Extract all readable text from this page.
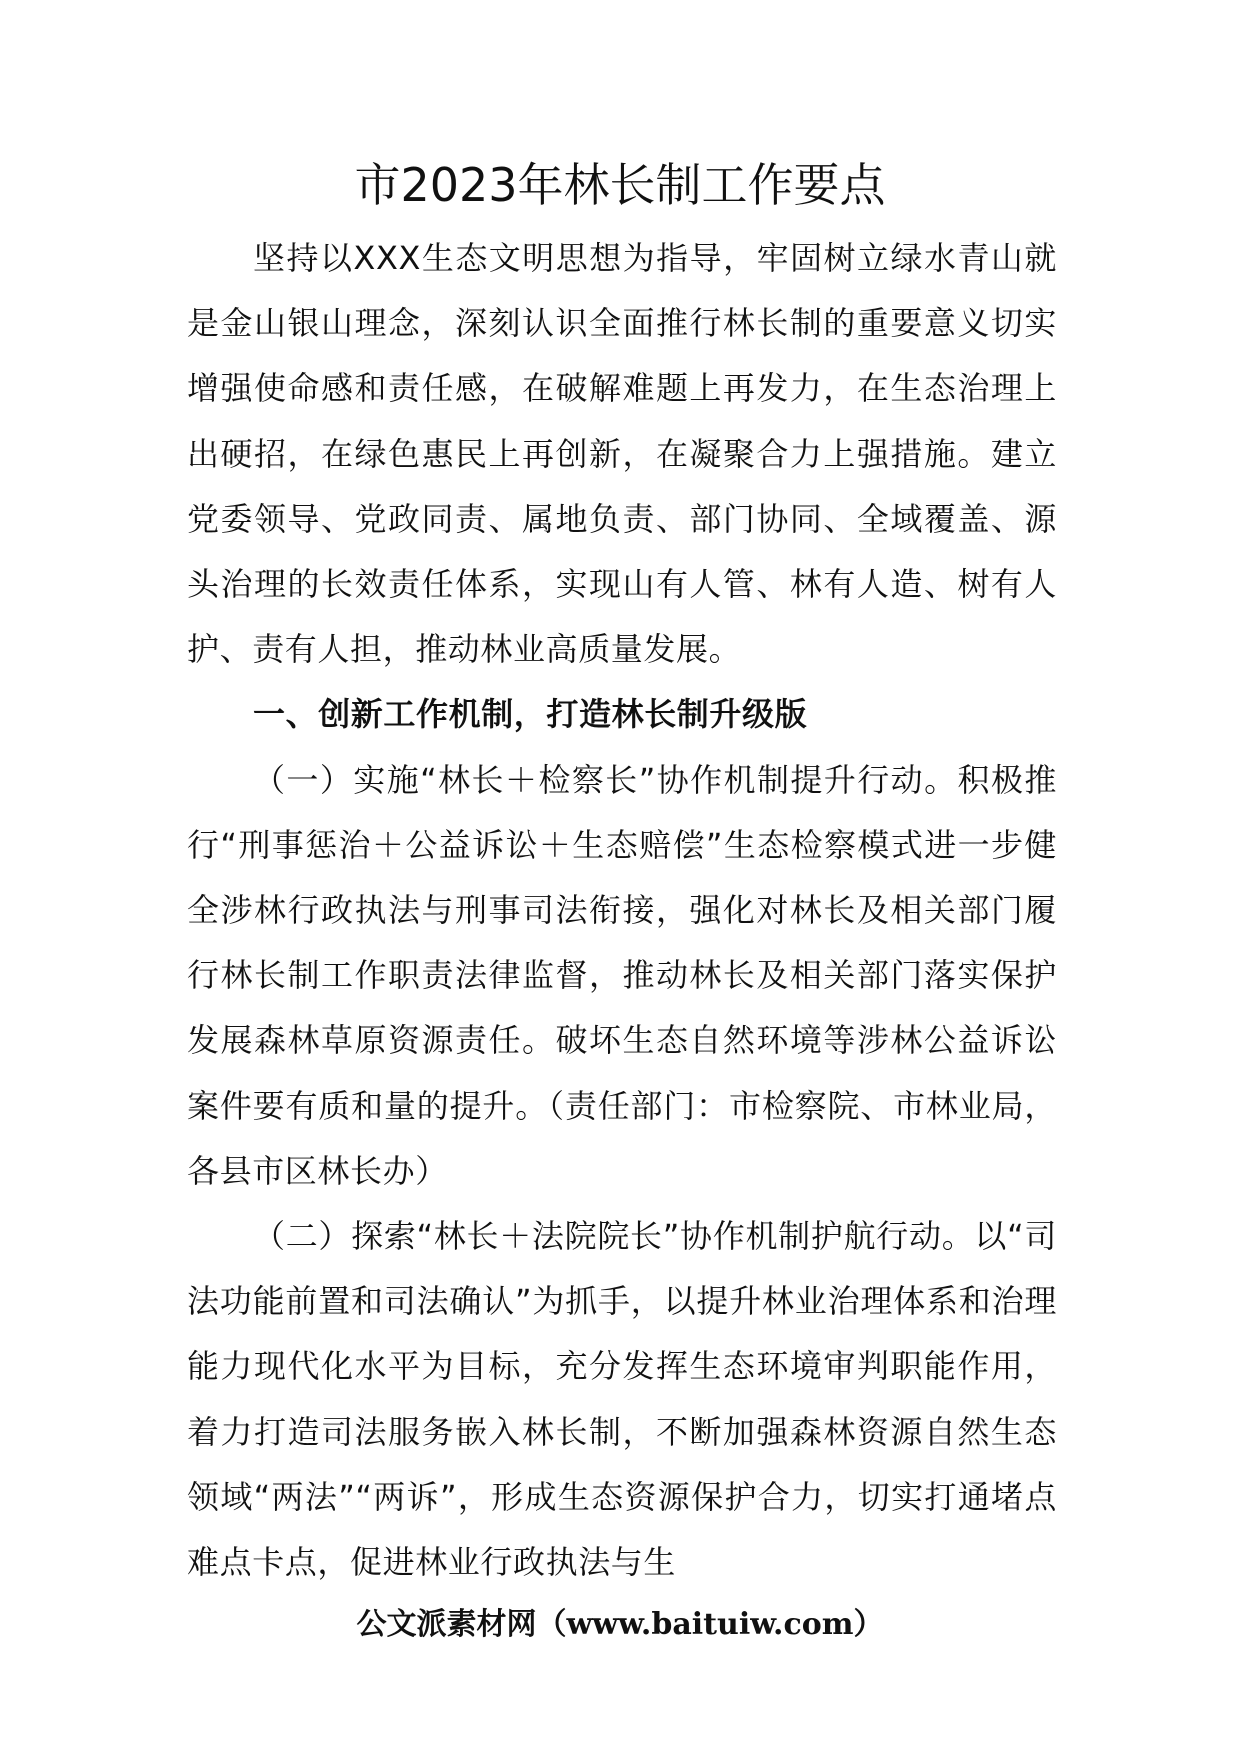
市2023年林长制工作要点

坚持以XXX生态文明思想为指导，牢固树立绿水青山就是金山银山理念，深刻认识全面推行林长制的重要意义切实增强使命感和责任感，在破解难题上再发力，在生态治理上出硬招，在绿色惠民上再创新，在凝聚合力上强措施。建立党委领导、党政同责、属地负责、部门协同、全域覆盖、源头治理的长效责任体系，实现山有人管、林有人造、树有人护、责有人担，推动林业高质量发展。

一、创新工作机制，打造林长制升级版

（一）实施“林长＋检察长”协作机制提升行动。积极推行“刑事惩治＋公益诉讼＋生态赔偿”生态检察模式进一步健全涉林行政执法与刑事司法衔接，强化对林长及相关部门履行林长制工作职责法律监督，推动林长及相关部门落实保护发展森林草原资源责任。破坏生态自然环境等涉林公益诉讼案件要有质和量的提升。（责任部门：市检察院、市林业局，各县市区林长办）

（二）探索“林长＋法院院长”协作机制护航行动。以“司法功能前置和司法确认”为抓手，以提升林业治理体系和治理能力现代化水平为目标，充分发挥生态环境审判职能作用，着力打造司法服务嵌入林长制，不断加强森林资源自然生态领域“两法”“两诉”，形成生态资源保护合力，切实打通堵点难点卡点，促进林业行政执法与生

公文派素材网（www.baituiw.com）
